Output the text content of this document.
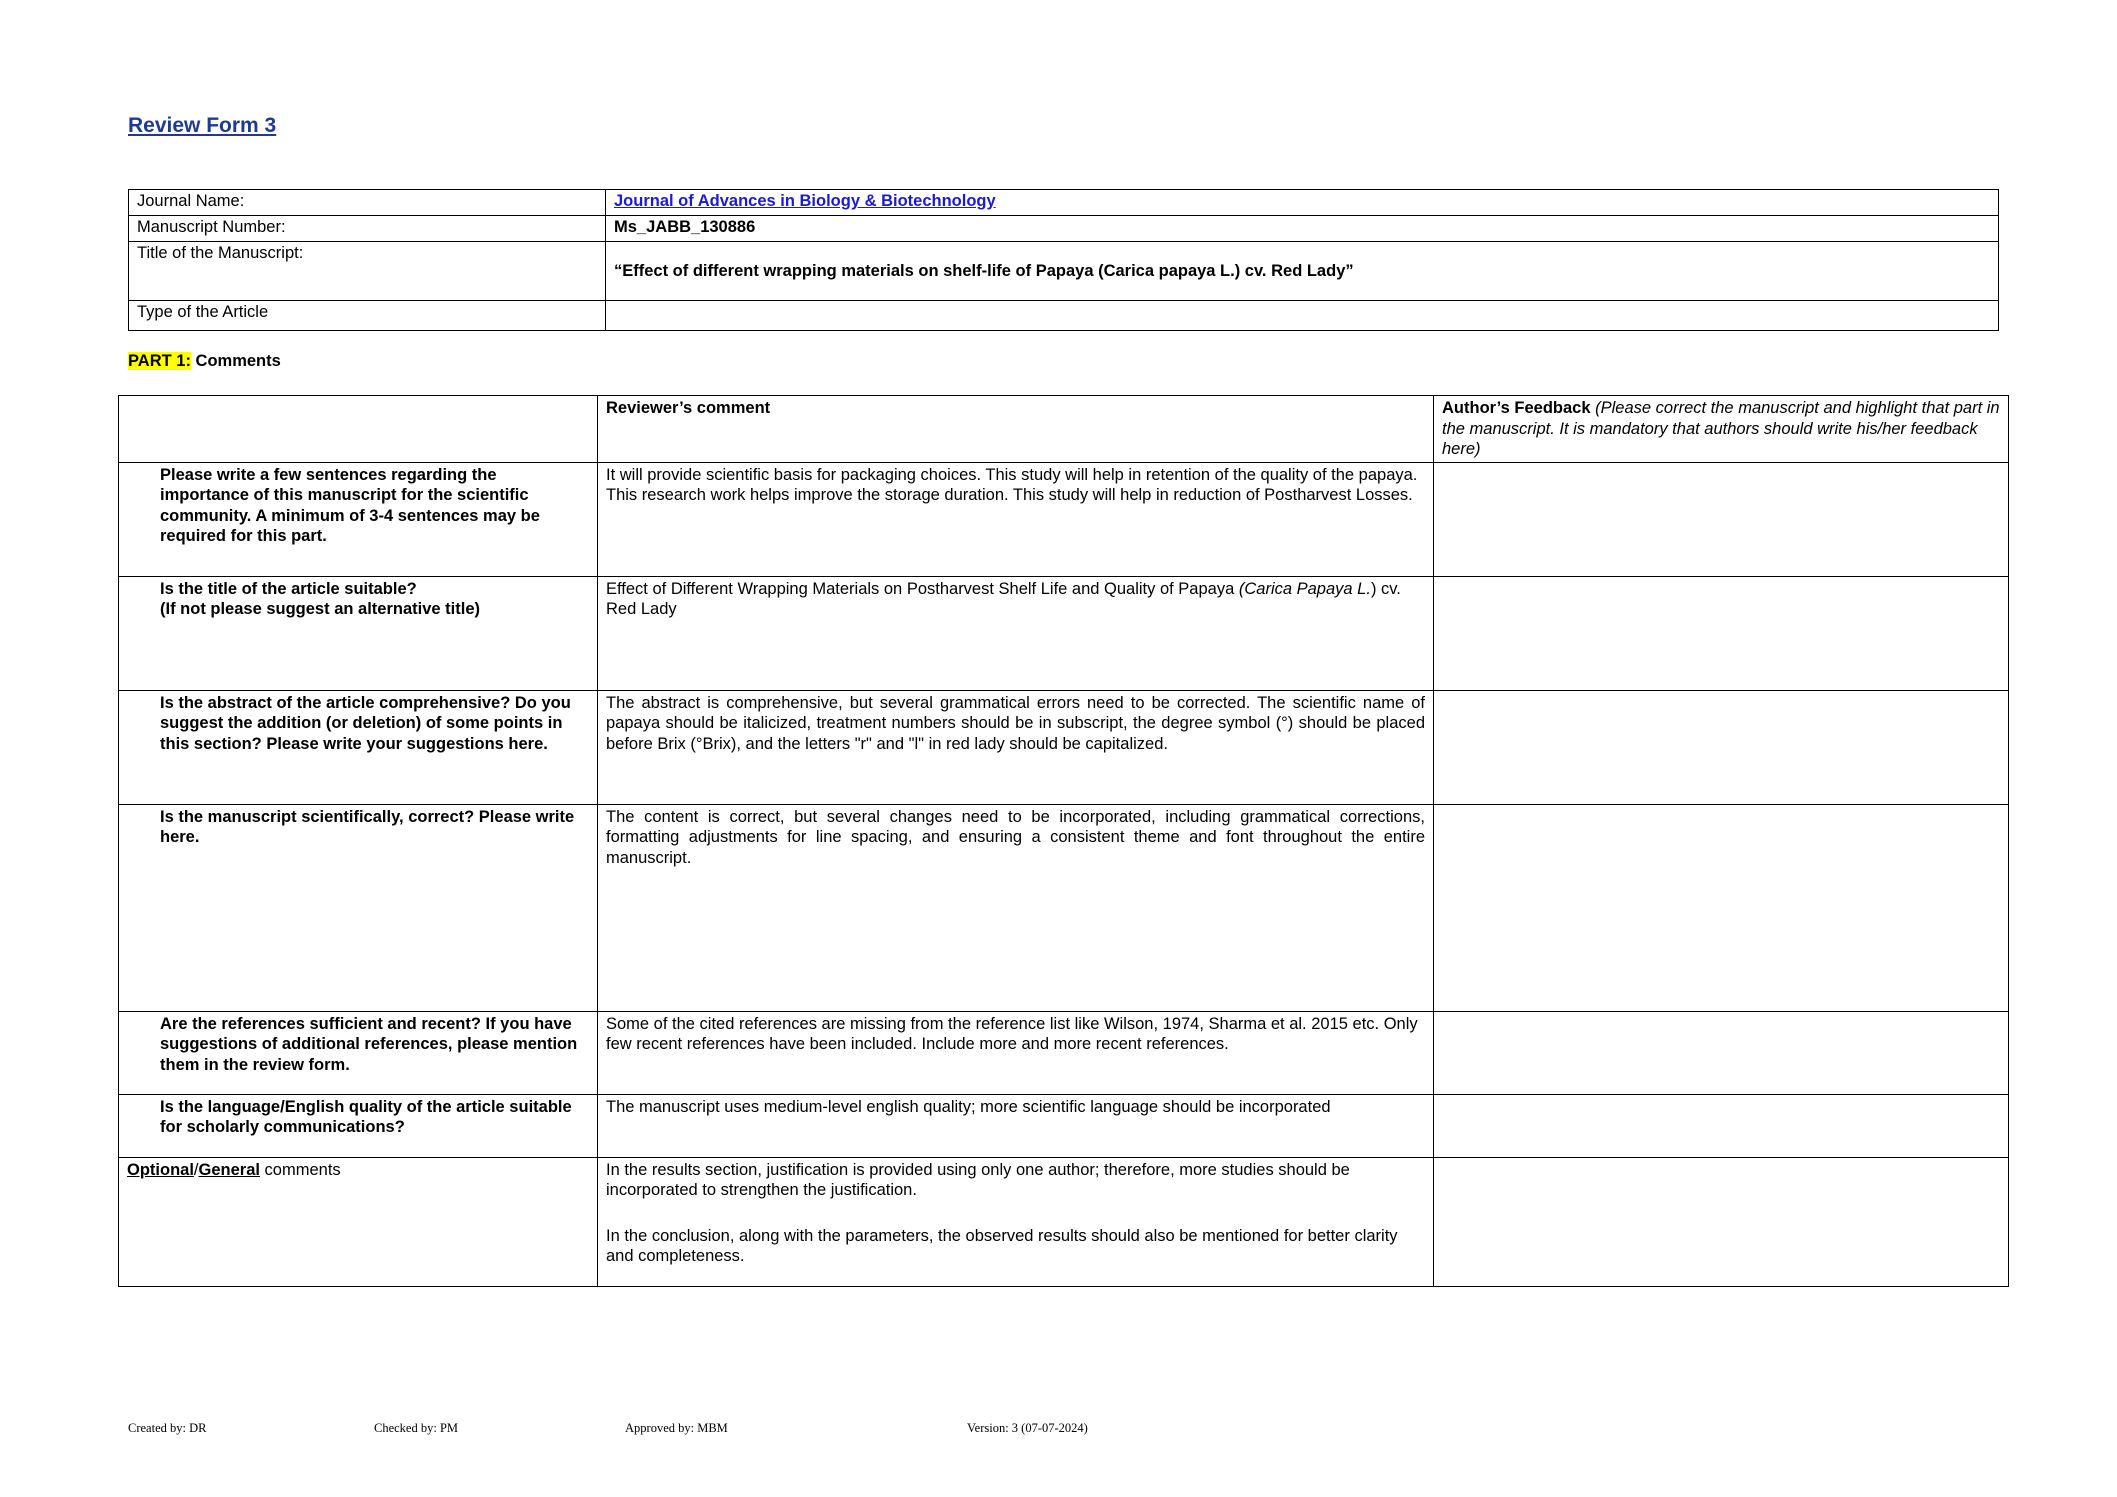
Review Form 3
Journal Name:	Journal of Advances in Biology & Biotechnology
Manuscript Number:	Ms_JABB_130886
Title of the Manuscript:	“Effect of different wrapping materials on shelf-life of Papaya (Carica papaya L.) cv. Red Lady”
Type of the Article	
PART 1: Comments
	Reviewer’s comment	Author’s Feedback (Please correct the manuscript and highlight that part in the manuscript. It is mandatory that authors should write his/her feedback here)
Please write a few sentences regarding the importance of this manuscript for the scientific community. A minimum of 3-4 sentences may be required for this part.	It will provide scientific basis for packaging choices. This study will help in retention of the quality of the papaya. This research work helps improve the storage duration. This study will help in reduction of Postharvest Losses.	

Is the title of the article suitable?
(If not please suggest an alternative title)	Effect of Different Wrapping Materials on Postharvest Shelf Life and Quality of Papaya (Carica Papaya L.) cv. Red Lady	
Is the abstract of the article comprehensive? Do you suggest the addition (or deletion) of some points in this section? Please write your suggestions here.	The abstract is comprehensive, but several grammatical errors need to be corrected. The scientific name of papaya should be italicized, treatment numbers should be in subscript, the degree symbol (°) should be placed before Brix (°Brix), and the letters "r" and "l" in red lady should be capitalized.	
Is the manuscript scientifically, correct? Please write here.	The content is correct, but several changes need to be incorporated, including grammatical corrections, formatting adjustments for line spacing, and ensuring a consistent theme and font throughout the entire manuscript.	
Are the references sufficient and recent? If you have suggestions of additional references, please mention them in the review form.	Some of the cited references are missing from the reference list like Wilson, 1974, Sharma et al. 2015 etc. Only few recent references have been included. Include more and more recent references.	
Is the language/English quality of the article suitable for scholarly communications?	The manuscript uses medium-level english quality; more scientific language should be incorporated	
Optional/General comments	In the results section, justification is provided using only one author; therefore, more studies should be incorporated to strengthen the justification.

In the conclusion, along with the parameters, the observed results should also be mentioned for better clarity and completeness.	

Created by: DR	Checked by: PM	Approved by: MBM	Version: 3 (07-07-2024)
